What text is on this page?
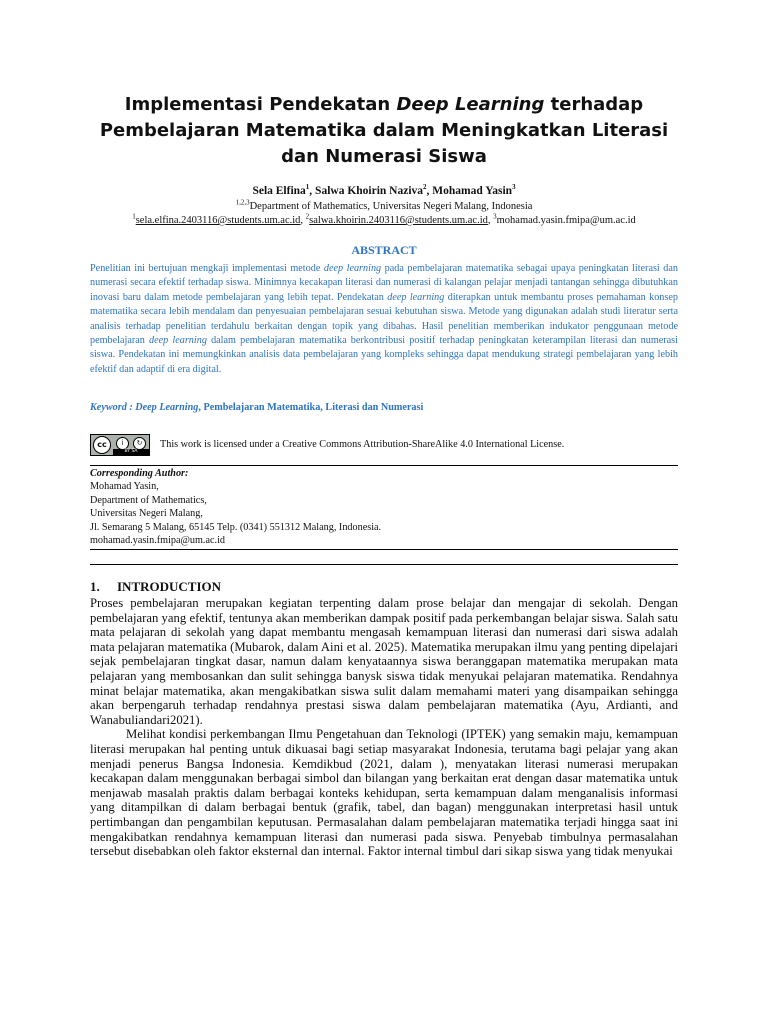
Implementasi Pendekatan Deep Learning terhadap Pembelajaran Matematika dalam Meningkatkan Literasi dan Numerasi Siswa
Sela Elfina$^1$, Salwa Khoirin Naziva$^2$, Mohamad Yasin$^3$
$^{1,2,3}$Department of Mathematics, Universitas Negeri Malang, Indonesia
$^1$sela.elfina.2403116@students.um.ac.id, $^2$salwa.khoirin.2403116@students.um.ac.id, $^3$mohamad.yasin.fmipa@um.ac.id
ABSTRACT
Penelitian ini bertujuan mengkaji implementasi metode deep learning pada pembelajaran matematika sebagai upaya peningkatan literasi dan numerasi secara efektif terhadap siswa. Minimnya kecakapan literasi dan numerasi di kalangan pelajar menjadi tantangan sehingga dibutuhkan inovasi baru dalam metode pembelajaran yang lebih tepat. Pendekatan deep learning diterapkan untuk membantu proses pemahaman konsep matematika secara lebih mendalam dan penyesuaian pembelajaran sesuai kebutuhan siswa. Metode yang digunakan adalah studi literatur serta analisis terhadap penelitian terdahulu berkaitan dengan topik yang dibahas. Hasil penelitian memberikan indukator penggunaan metode pembelajaran deep learning dalam pembelajaran matematika berkontribusi positif terhadap peningkatan keterampilan literasi dan numerasi siswa. Pendekatan ini memungkinkan analisis data pembelajaran yang kompleks sehingga dapat mendukung strategi pembelajaran yang lebih efektif dan adaptif di era digital.
Keyword : Deep Learning, Pembelajaran Matematika, Literasi dan Numerasi
cc	i	↻
BY SA
This work is licensed under a Creative Commons Attribution-ShareAlike 4.0 International License.
Corresponding Author:
Mohamad Yasin,
Department of Mathematics,
Universitas Negeri Malang,
Jl. Semarang 5 Malang, 65145 Telp. (0341) 551312 Malang, Indonesia.
mohamad.yasin.fmipa@um.ac.id
1. INTRODUCTION

Proses pembelajaran merupakan kegiatan terpenting dalam prose belajar dan mengajar di sekolah. Dengan pembelajaran yang efektif, tentunya akan memberikan dampak positif pada perkembangan belajar siswa. Salah satu mata pelajaran di sekolah yang dapat membantu mengasah kemampuan literasi dan numerasi dari siswa adalah mata pelajaran matematika (Mubarok, dalam Aini et al. 2025). Matematika merupakan ilmu yang penting dipelajari sejak pembelajaran tingkat dasar, namun dalam kenyataannya siswa beranggapan matematika merupakan mata pelajaran yang membosankan dan sulit sehingga banysk siswa tidak menyukai pelajaran matematika. Rendahnya minat belajar matematika, akan mengakibatkan siswa sulit dalam memahami materi yang disampaikan sehingga akan berpengaruh terhadap rendahnya prestasi siswa dalam pembelajaran matematika (Ayu, Ardianti, and Wanabuliandari2021).

Melihat kondisi perkembangan Ilmu Pengetahuan dan Teknologi (IPTEK) yang semakin maju, kemampuan literasi merupakan hal penting untuk dikuasai bagi setiap masyarakat Indonesia, terutama bagi pelajar yang akan menjadi penerus Bangsa Indonesia. Kemdikbud (2021, dalam ), menyatakan literasi numerasi merupakan kecakapan dalam menggunakan berbagai simbol dan bilangan yang berkaitan erat dengan dasar matematika untuk menjawab masalah praktis dalam berbagai konteks kehidupan, serta kemampuan dalam menganalisis informasi yang ditampilkan di dalam berbagai bentuk (grafik, tabel, dan bagan) menggunakan interpretasi hasil untuk pertimbangan dan pengambilan keputusan. Permasalahan dalam pembelajaran matematika terjadi hingga saat ini mengakibatkan rendahnya kemampuan literasi dan numerasi pada siswa. Penyebab timbulnya permasalahan tersebut disebabkan oleh faktor eksternal dan internal. Faktor internal timbul dari sikap siswa yang tidak menyukai
